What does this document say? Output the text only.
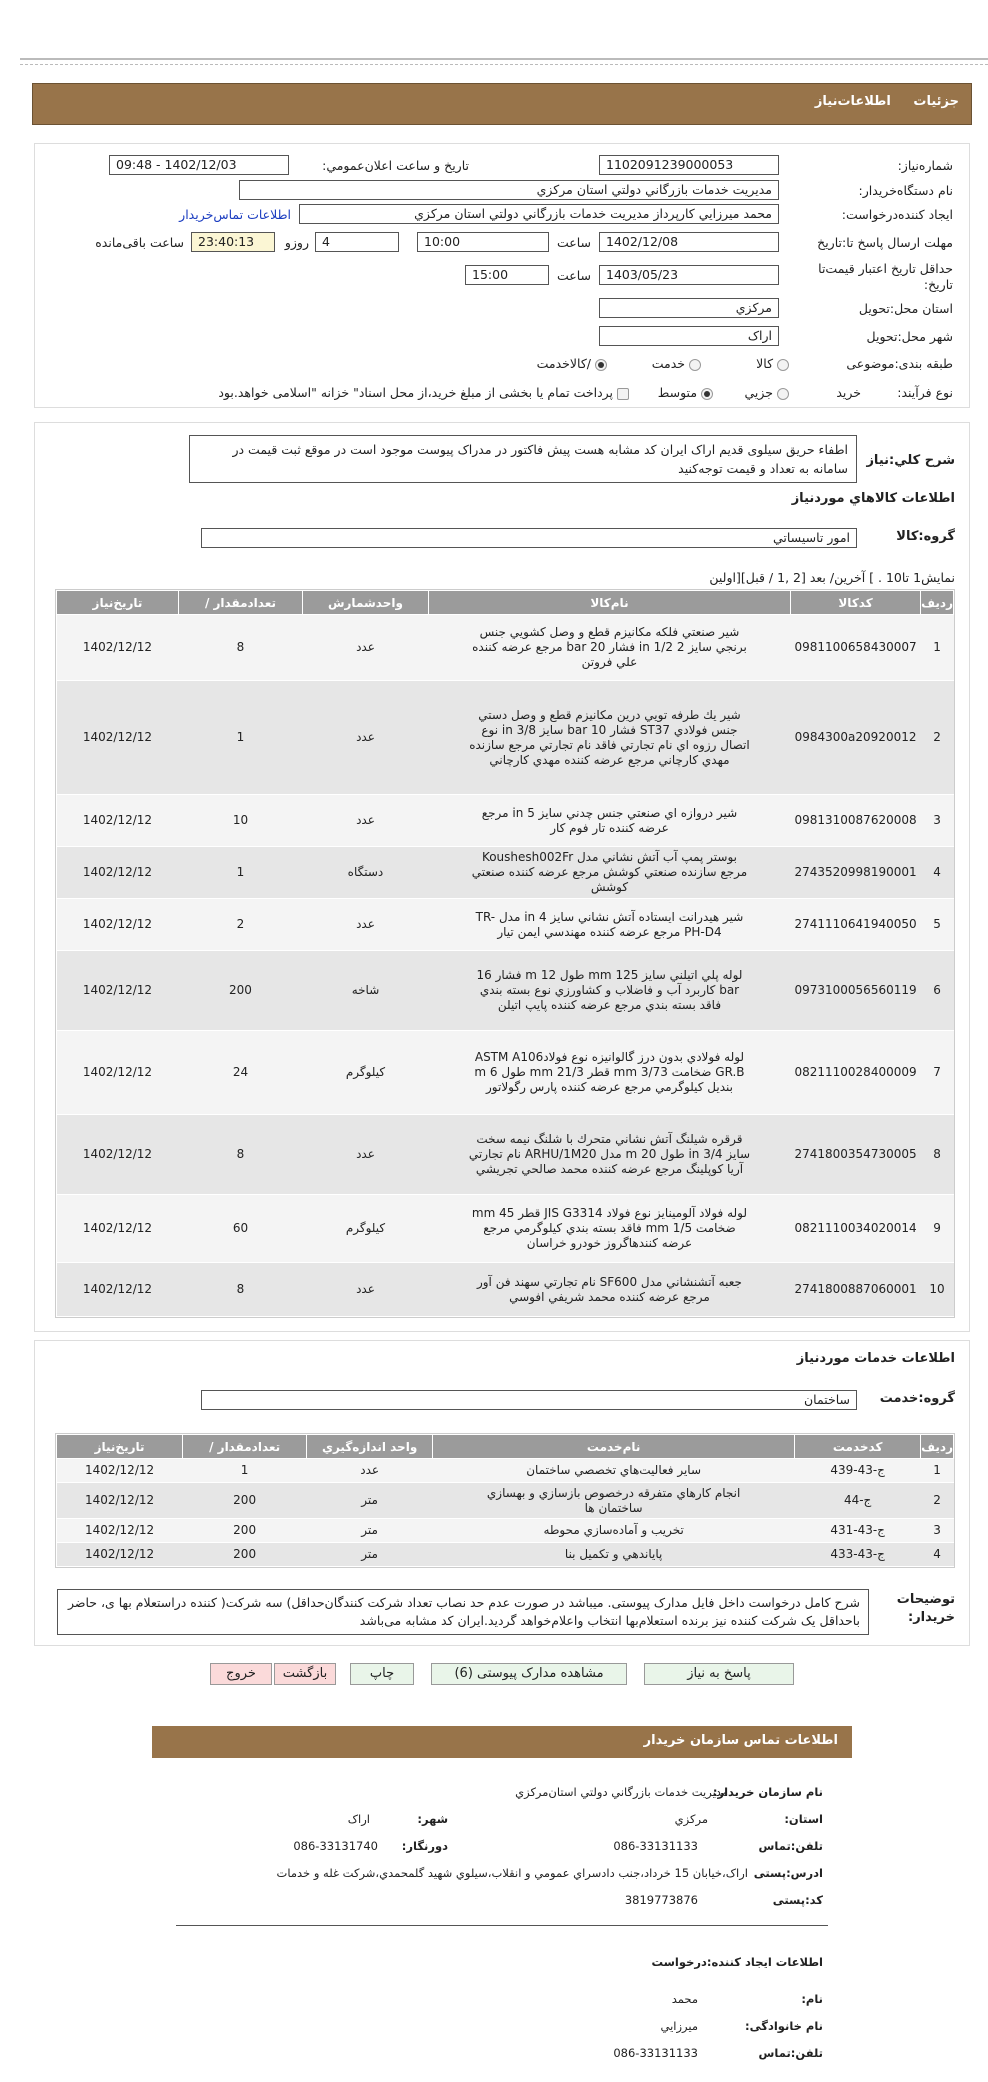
جزئیات اطلاعات‌نیاز
شماره‌نیاز:
1102091239000053
تاریخ و ساعت اعلان‌عمومي:
1402/12/03 - 09:48
نام دستگاه‌خريدار:
مديريت خدمات بازرگاني دولتي استان مركزي
ايجاد کننده‌درخواست:
محمد ميرزايي كارپرداز مديريت خدمات بازرگاني دولتي استان مركزي
اطلاعات تماس‌خريدار
مهلت ارسال پاسخ تا:تاریخ
1402/12/08
ساعت
10:00
4
روزو
23:40:13
ساعت باقی‌مانده
حداقل تاريخ اعتبار قيمت‌تا تاريخ:
1403/05/23
ساعت
15:00
استان محل:تحويل
مركزي
شهر محل:تحويل
اراک
طبقه بندی:موضوعی
کالا
خدمت
/کالاخدمت
نوع فرآیند:
خرید
جزيي
متوسط
پرداخت تمام يا بخشی از مبلغ خريد،از محل اسناد" خزانه "اسلامی خواهد.بود
شرح کلي:نياز
اطفاء حریق سیلوی قدیم اراک ایران کد مشابه هست پیش فاکتور در مدراک پیوست موجود است در موقع ثبت قیمت در سامانه به تعداد و قیمت توجه‌کنید
اطلاعات کالاهاي مورد‌نياز
گروه:کالا
امور تاسيساتي
نمايش1 تا10 . ] آخرين/ بعد [2 ,1 / قبل][اولين
رديف	کدکالا	نام‌کالا	واحدشمارش	تعدادمقدار /	تاريخ‌نياز
1	0981100658430007	شير صنعتي فلكه مكانيزم قطع و وصل كشويي جنس برنجي سايز 2 in 1/2 فشار 20 bar مرجع عرضه كننده علي فروتن	عدد	8	1402/12/12
2	0984300a20920012	شير يك طرفه تويي درين مكانيزم قطع و وصل دستي جنس فولادي ST37 فشار 10 bar سايز 3/8 in نوع اتصال رزوه اي نام تجارتي فاقد نام تجارتي مرجع سازنده مهدي كارچاني مرجع عرضه كننده مهدي كارچاني	عدد	1	1402/12/12
3	0981310087620008	شير دروازه اي صنعتي جنس چدني سايز 5 in مرجع عرضه كننده تار فوم كار	عدد	10	1402/12/12
4	2743520998190001	بوستر پمپ آب آتش نشاني مدل Koushesh002Fr مرجع سازنده صنعتي كوشش مرجع عرضه كننده صنعتي كوشش	دستگاه	1	1402/12/12
5	2741110641940050	شير هيدرانت ايستاده آتش نشاني سايز 4 in مدل TR-PH-D4 مرجع عرضه كننده مهندسي ايمن تيار	عدد	2	1402/12/12
6	0973100056560119	لوله پلي اتيلني سايز 125 mm طول 12 m فشار 16 bar كاربرد آب و فاضلاب و كشاورزي نوع بسته بندي فاقد بسته بندي مرجع عرضه كننده پايپ اتيلن	شاخه	200	1402/12/12
7	0821110028400009	لوله فولادي بدون درز گالوانيزه نوع فولادASTM A106 GR.B ضخامت 3/73 mm قطر 21/3 mm طول 6 m بنديل كيلوگرمي مرجع عرضه كننده پارس رگولاتور	كيلوگرم	24	1402/12/12
8	2741800354730005	قرقره شيلنگ آتش نشاني متحرك با شلنگ نيمه سخت سايز 3/4 in طول 20 m مدل ARHU/1M20 نام تجارتي آريا كوپلينگ مرجع عرضه كننده محمد صالحي تجريشي	عدد	8	1402/12/12
9	0821110034020014	لوله فولاد آلومينايز نوع فولاد JIS G3314 قطر 45 mm ضخامت 1/5 mm فاقد بسته بندي كيلوگرمي مرجع عرضه كنندهاگروز خودرو خراسان	كيلوگرم	60	1402/12/12
10	2741800887060001	جعبه آتشنشاني مدل SF600 نام تجارتي سهند فن آور مرجع عرضه كننده محمد شريفي افوسي	عدد	8	1402/12/12
اطلاعات خدمات مورد‌نياز
گروه:خدمت
ساختمان
رديف	کدخدمت	نام‌خدمت	واحد اندازه‌گيري	تعدادمقدار /	تاريخ‌نياز
1	ج-43-439	ساير فعاليت‌هاي تخصصي ساختمان	عدد	1	1402/12/12
2	ج-44	انجام كارهاي متفرقه درخصوص بازسازي و بهسازي ساختمان ها	متر	200	1402/12/12
3	ج-43-431	تخريب و آماده‌سازي محوطه	متر	200	1402/12/12
4	ج-43-433	پاياندهي و تكميل بنا	متر	200	1402/12/12
توضيحات خريدار:
شرح کامل درخواست داخل فایل مدارک پیوستی. میباشد در صورت عدم حد نصاب تعداد شرکت کنندگان‌حداقل) سه شرکت( کننده دراستعلام بها ی، حاضر باحداقل یک شرکت کننده نیز برنده استعلام‌بها انتخاب واعلام‌خواهد گردید.ایران کد مشابه می‌باشد
پاسخ به نياز
مشاهده مدارک پيوستی (6)
چاپ
بازگشت
خروج
اطلاعات تماس سازمان خريدار
نام سازمان خريدار:
مديريت خدمات بازرگاني دولتي استان‌مركزي
استان:
مركزي
شهر:
اراک
تلفن:تماس
086-33131133
دورنگار:
086-33131740
ادرس:پستی
اراک،خيابان 15 خرداد،جنب دادسراي عمومي و انقلاب،سيلوي شهيد گلمحمدي،شركت غله و خدمات
کد:پستی
3819773876
اطلاعات ایجاد کننده:درخواست
نام:
محمد
نام خانوادگی:
ميرزايي
تلفن:تماس
086-33131133
